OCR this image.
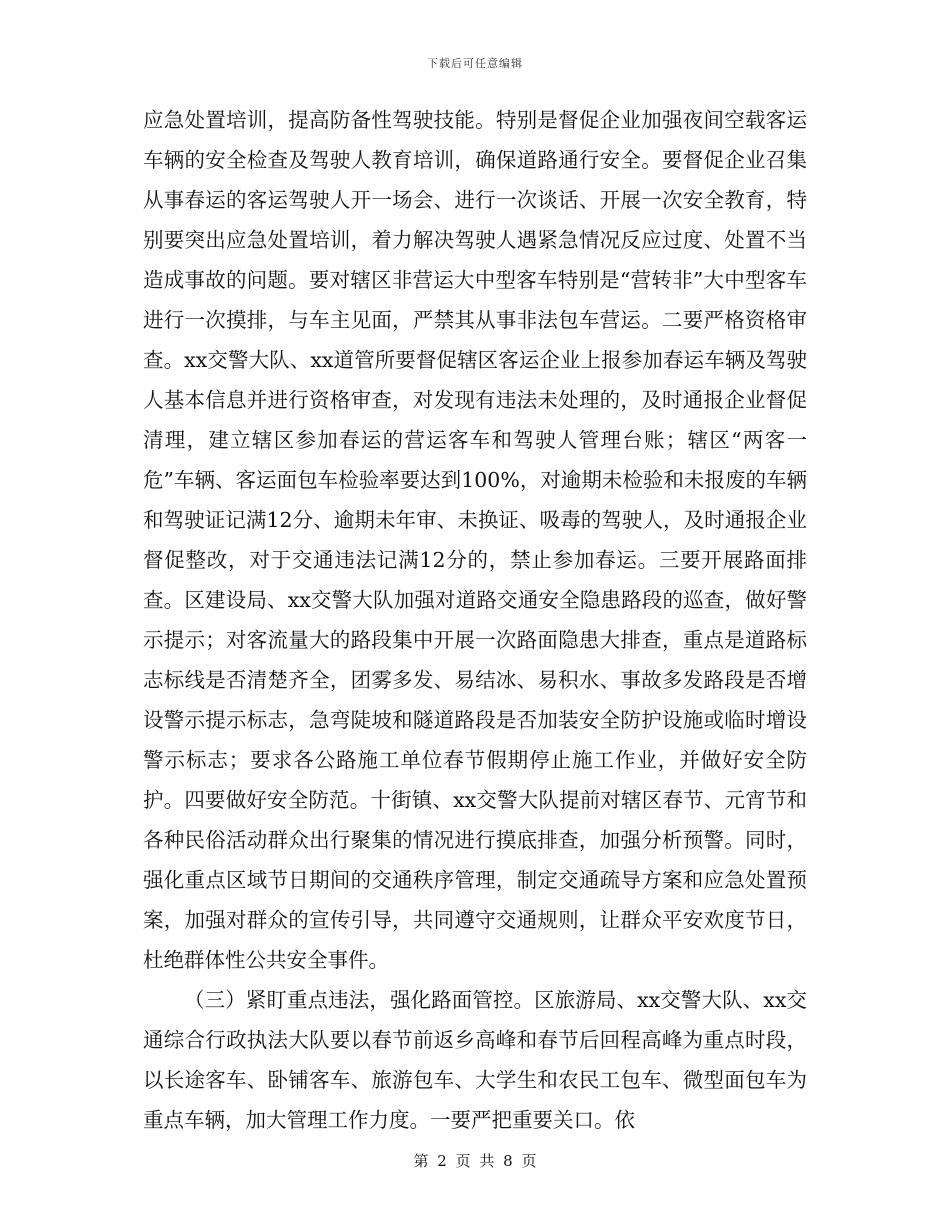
下载后可任意编辑

应急处置培训，提高防备性驾驶技能。特别是督促企业加强夜间空载客运车辆的安全检查及驾驶人教育培训，确保道路通行安全。要督促企业召集从事春运的客运驾驶人开一场会、进行一次谈话、开展一次安全教育，特别要突出应急处置培训，着力解决驾驶人遇紧急情况反应过度、处置不当造成事故的问题。要对辖区非营运大中型客车特别是“营转非”大中型客车进行一次摸排，与车主见面，严禁其从事非法包车营运。二要严格资格审查。xx交警大队、xx道管所要督促辖区客运企业上报参加春运车辆及驾驶人基本信息并进行资格审查，对发现有违法未处理的，及时通报企业督促清理，建立辖区参加春运的营运客车和驾驶人管理台账；辖区“两客一危”车辆、客运面包车检验率要达到100%，对逾期未检验和未报废的车辆和驾驶证记满12分、逾期未年审、未换证、吸毒的驾驶人，及时通报企业督促整改，对于交通违法记满12分的，禁止参加春运。三要开展路面排查。区建设局、xx交警大队加强对道路交通安全隐患路段的巡查，做好警示提示；对客流量大的路段集中开展一次路面隐患大排查，重点是道路标志标线是否清楚齐全，团雾多发、易结冰、易积水、事故多发路段是否增设警示提示标志，急弯陡坡和隧道路段是否加装安全防护设施或临时增设警示标志；要求各公路施工单位春节假期停止施工作业，并做好安全防护。四要做好安全防范。十街镇、xx交警大队提前对辖区春节、元宵节和各种民俗活动群众出行聚集的情况进行摸底排查，加强分析预警。同时，强化重点区域节日期间的交通秩序管理，制定交通疏导方案和应急处置预案，加强对群众的宣传引导，共同遵守交通规则，让群众平安欢度节日，杜绝群体性公共安全事件。

（三）紧盯重点违法，强化路面管控。区旅游局、xx交警大队、xx交通综合行政执法大队要以春节前返乡高峰和春节后回程高峰为重点时段，以长途客车、卧铺客车、旅游包车、大学生和农民工包车、微型面包车为重点车辆，加大管理工作力度。一要严把重要关口。依

第 2 页 共 8 页
